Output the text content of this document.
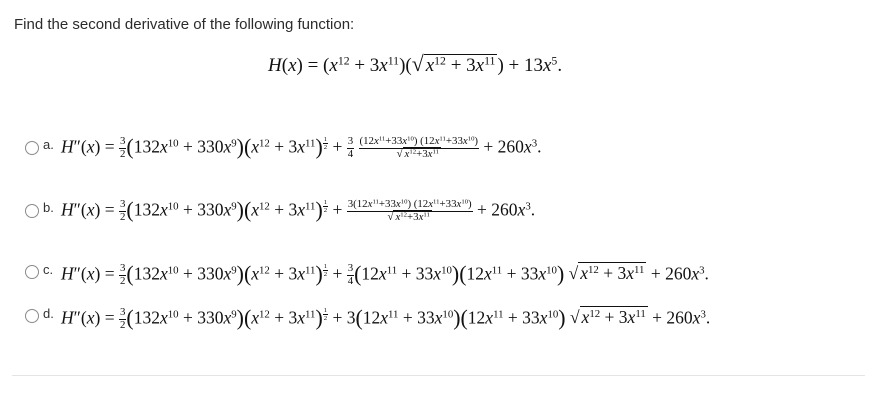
Find the second derivative of the following function:
$H(x) = (x^{12} + 3x^{11})(√$ $x^{12} + 3x^{11}$ ) + $13x^5$.
a. $H''(x) = \frac{3}{2} (132x^{10} + 330x^9)(x^{12} + 3x^{11}) ^{\frac{1}{2}} + \frac{3}{4}$
$\frac{(12x^{11}+33x^{10}) (12x^{11}+33x^{10})}{√ x^{12}+3x^{11}} + 260x^3$.
b. $H''(x) = \frac{3}{2} (132x^{10} + 330x^9)(x^{12} + 3x^{11}) ^{\frac{1}{2}} + \frac{3(12x^{11}+33x^{10}) (12x^{11}+33x^{10})}{√ x^{12}+3x^{11}} + 260x^3$.
c. $H''(x) = \frac{3}{2} (132x^{10} + 330x^9)(x^{12} + 3x^{11}) ^{\frac{1}{2}} + \frac{3}{4} (12x^{11} + 33x^{10})(12x^{11} + 33x^{10})$ √ $x^{12} + 3x^{11} + 260x^3$.
d. $H''(x) = \frac{3}{2} (132x^{10} + 330x^9)(x^{12} + 3x^{11}) ^{\frac{1}{2}} + 3(12x^{11} + 33x^{10})(12x^{11} + 33x^{10})$ √ $x^{12} + 3x^{11} + 260x^3$.
